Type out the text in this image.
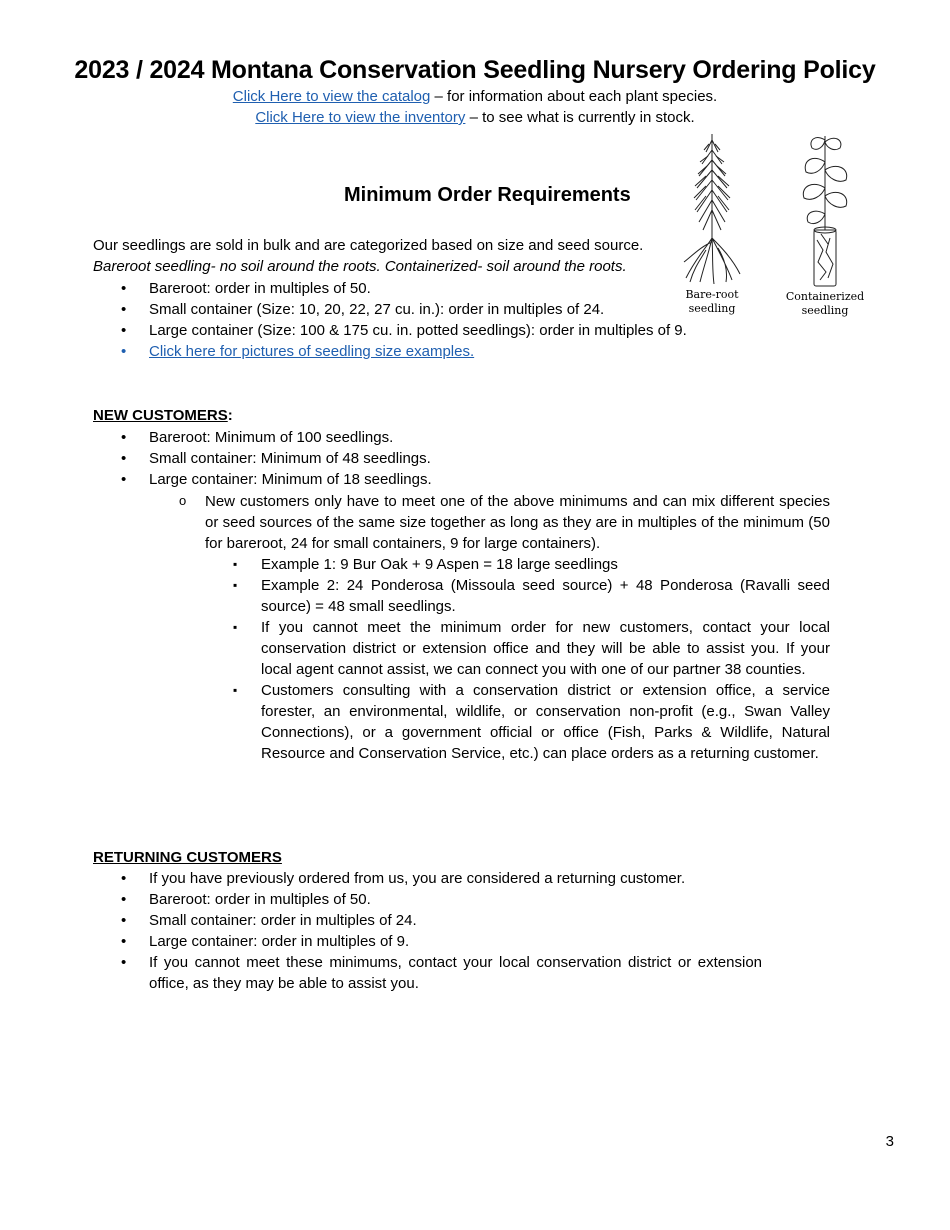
2023 / 2024 Montana Conservation Seedling Nursery Ordering Policy
Click Here to view the catalog – for information about each plant species.
Click Here to view the inventory – to see what is currently in stock.
Bare-root
seedling
Containerized
seedling
Minimum Order Requirements
Our seedlings are sold in bulk and are categorized based on size and seed source.
Bareroot seedling- no soil around the roots. Containerized- soil around the roots.
• Bareroot: order in multiples of 50.
• Small container (Size: 10, 20, 22, 27 cu. in.): order in multiples of 24.
• Large container (Size: 100 & 175 cu. in. potted seedlings): order in multiples of 9.
• Click here for pictures of seedling size examples.
NEW CUSTOMERS:
• Bareroot: Minimum of 100 seedlings.
• Small container: Minimum of 48 seedlings.
• Large container: Minimum of 18 seedlings.
o New customers only have to meet one of the above minimums and can mix different species or seed sources of the same size together as long as they are in multiples of the minimum (50 for bareroot, 24 for small containers, 9 for large containers).
▪ Example 1: 9 Bur Oak + 9 Aspen = 18 large seedlings
▪ Example 2: 24 Ponderosa (Missoula seed source) + 48 Ponderosa (Ravalli seed source) = 48 small seedlings.
▪ If you cannot meet the minimum order for new customers, contact your local conservation district or extension office and they will be able to assist you. If your local agent cannot assist, we can connect you with one of our partner 38 counties.
▪ Customers consulting with a conservation district or extension office, a service forester, an environmental, wildlife, or conservation non-profit (e.g., Swan Valley Connections), or a government official or office (Fish, Parks & Wildlife, Natural Resource and Conservation Service, etc.) can place orders as a returning customer.
RETURNING CUSTOMERS
• If you have previously ordered from us, you are considered a returning customer.
• Bareroot: order in multiples of 50.
• Small container: order in multiples of 24.
• Large container: order in multiples of 9.
• If you cannot meet these minimums, contact your local conservation district or extension office, as they may be able to assist you.
3
